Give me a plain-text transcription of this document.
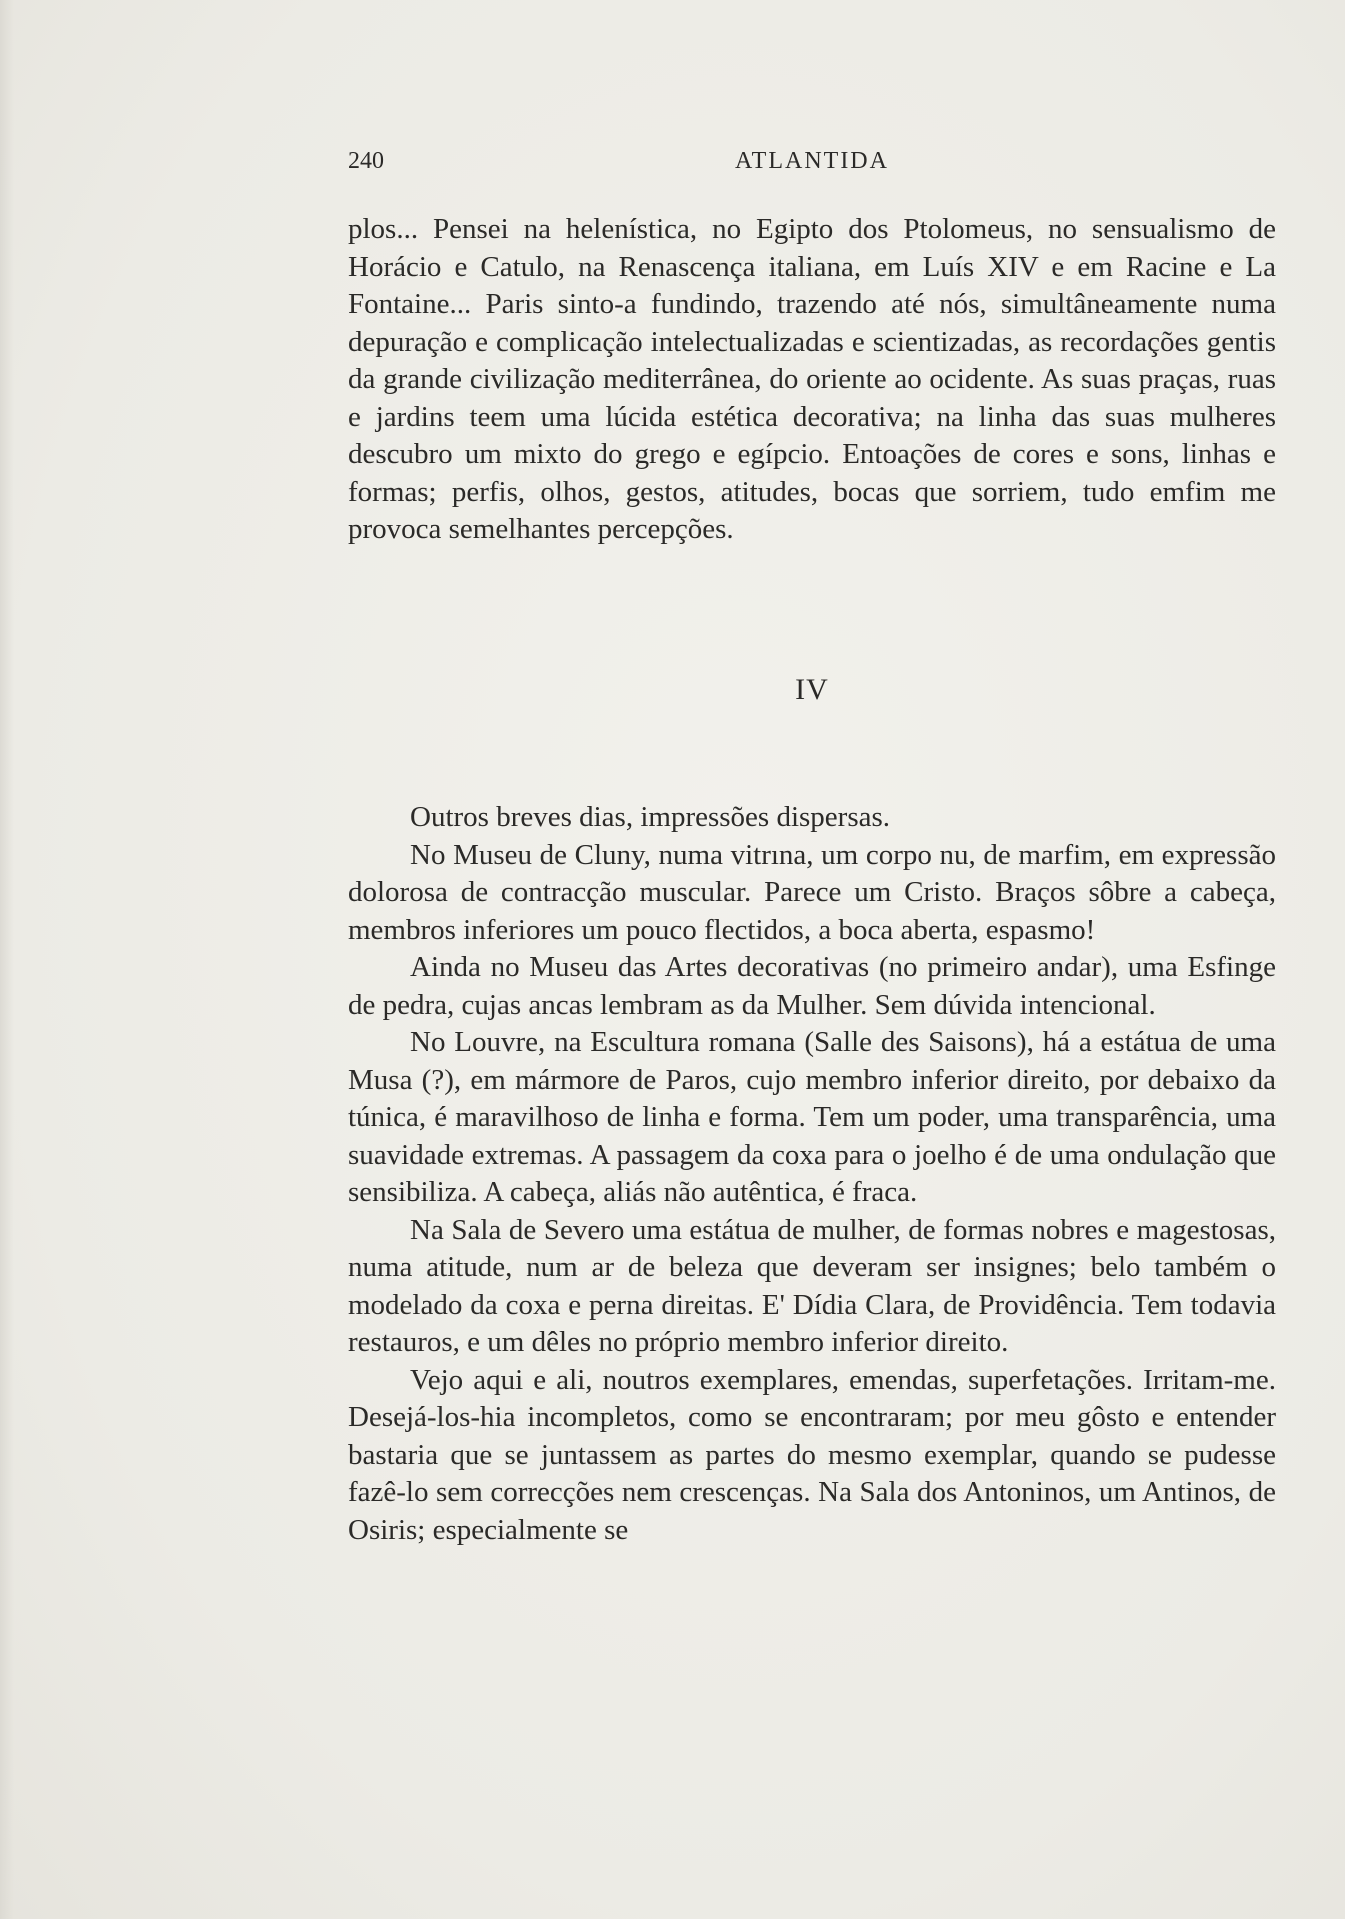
240	ATLANTIDA

plos... Pensei na helenística, no Egipto dos Ptolomeus, no sensualismo de Horácio e Catulo, na Renascença italiana, em Luís XIV e em Racine e La Fontaine... Paris sinto-a fundindo, trazendo até nós, simultâneamente numa depuração e complicação intelectualizadas e scientizadas, as recordações gentis da grande civilização mediterrânea, do oriente ao ocidente. As suas praças, ruas e jardins teem uma lúcida estética decorativa; na linha das suas mulheres descubro um mixto do grego e egípcio. Entoações de cores e sons, linhas e formas; perfis, olhos, gestos, atitudes, bocas que sorriem, tudo emfim me provoca semelhantes percepções.

IV

Outros breves dias, impressões dispersas.

No Museu de Cluny, numa vitrına, um corpo nu, de marfim, em expressão dolorosa de contracção muscular. Parece um Cristo. Braços sôbre a cabeça, membros inferiores um pouco flectidos, a boca aberta, espasmo!

Ainda no Museu das Artes decorativas (no primeiro andar), uma Esfinge de pedra, cujas ancas lembram as da Mulher. Sem dúvida intencional.

No Louvre, na Escultura romana (Salle des Saisons), há a estátua de uma Musa (?), em mármore de Paros, cujo membro inferior direito, por debaixo da túnica, é maravilhoso de linha e forma. Tem um poder, uma transparência, uma suavidade extremas. A passagem da coxa para o joelho é de uma ondulação que sensibiliza. A cabeça, aliás não autêntica, é fraca.

Na Sala de Severo uma estátua de mulher, de formas nobres e magestosas, numa atitude, num ar de beleza que deveram ser insignes; belo também o modelado da coxa e perna direitas. E' Dídia Clara, de Providência. Tem todavia restauros, e um dêles no próprio membro inferior direito.

Vejo aqui e ali, noutros exemplares, emendas, superfetações. Irritam-me. Desejá-los-hia incompletos, como se encontraram; por meu gôsto e entender bastaria que se juntassem as partes do mesmo exemplar, quando se pudesse fazê-lo sem correcções nem crescenças. Na Sala dos Antoninos, um Antinos, de Osiris; especialmente se
